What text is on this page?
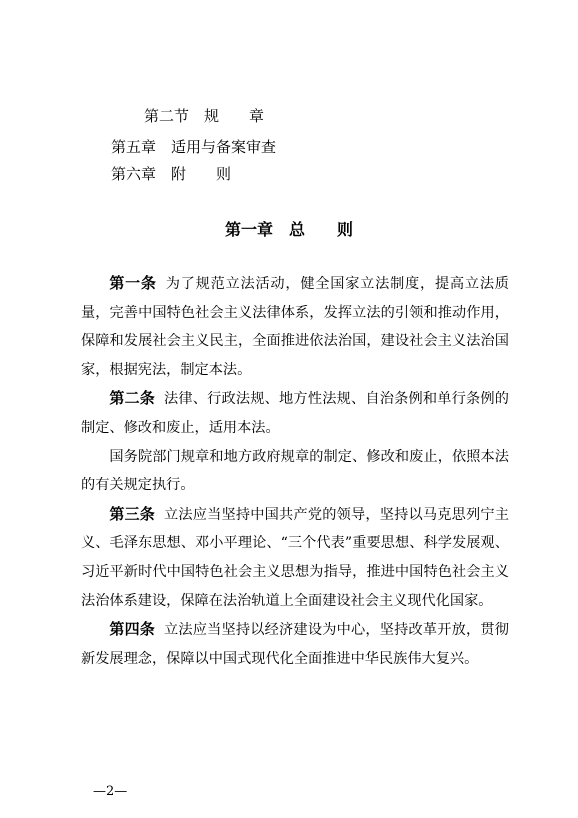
第二节　规　　章
第五章　适用与备案审查
第六章　附　　则
第一章　总　　则

第一条 为了规范立法活动，健全国家立法制度，提高立法质量，完善中国特色社会主义法律体系，发挥立法的引领和推动作用，保障和发展社会主义民主，全面推进依法治国，建设社会主义法治国家，根据宪法，制定本法。

第二条 法律、行政法规、地方性法规、自治条例和单行条例的制定、修改和废止，适用本法。

国务院部门规章和地方政府规章的制定、修改和废止，依照本法的有关规定执行。

第三条 立法应当坚持中国共产党的领导，坚持以马克思列宁主义、毛泽东思想、邓小平理论、“三个代表”重要思想、科学发展观、习近平新时代中国特色社会主义思想为指导，推进中国特色社会主义法治体系建设，保障在法治轨道上全面建设社会主义现代化国家。

第四条 立法应当坚持以经济建设为中心，坚持改革开放，贯彻新发展理念，保障以中国式现代化全面推进中华民族伟大复兴。

—2—
